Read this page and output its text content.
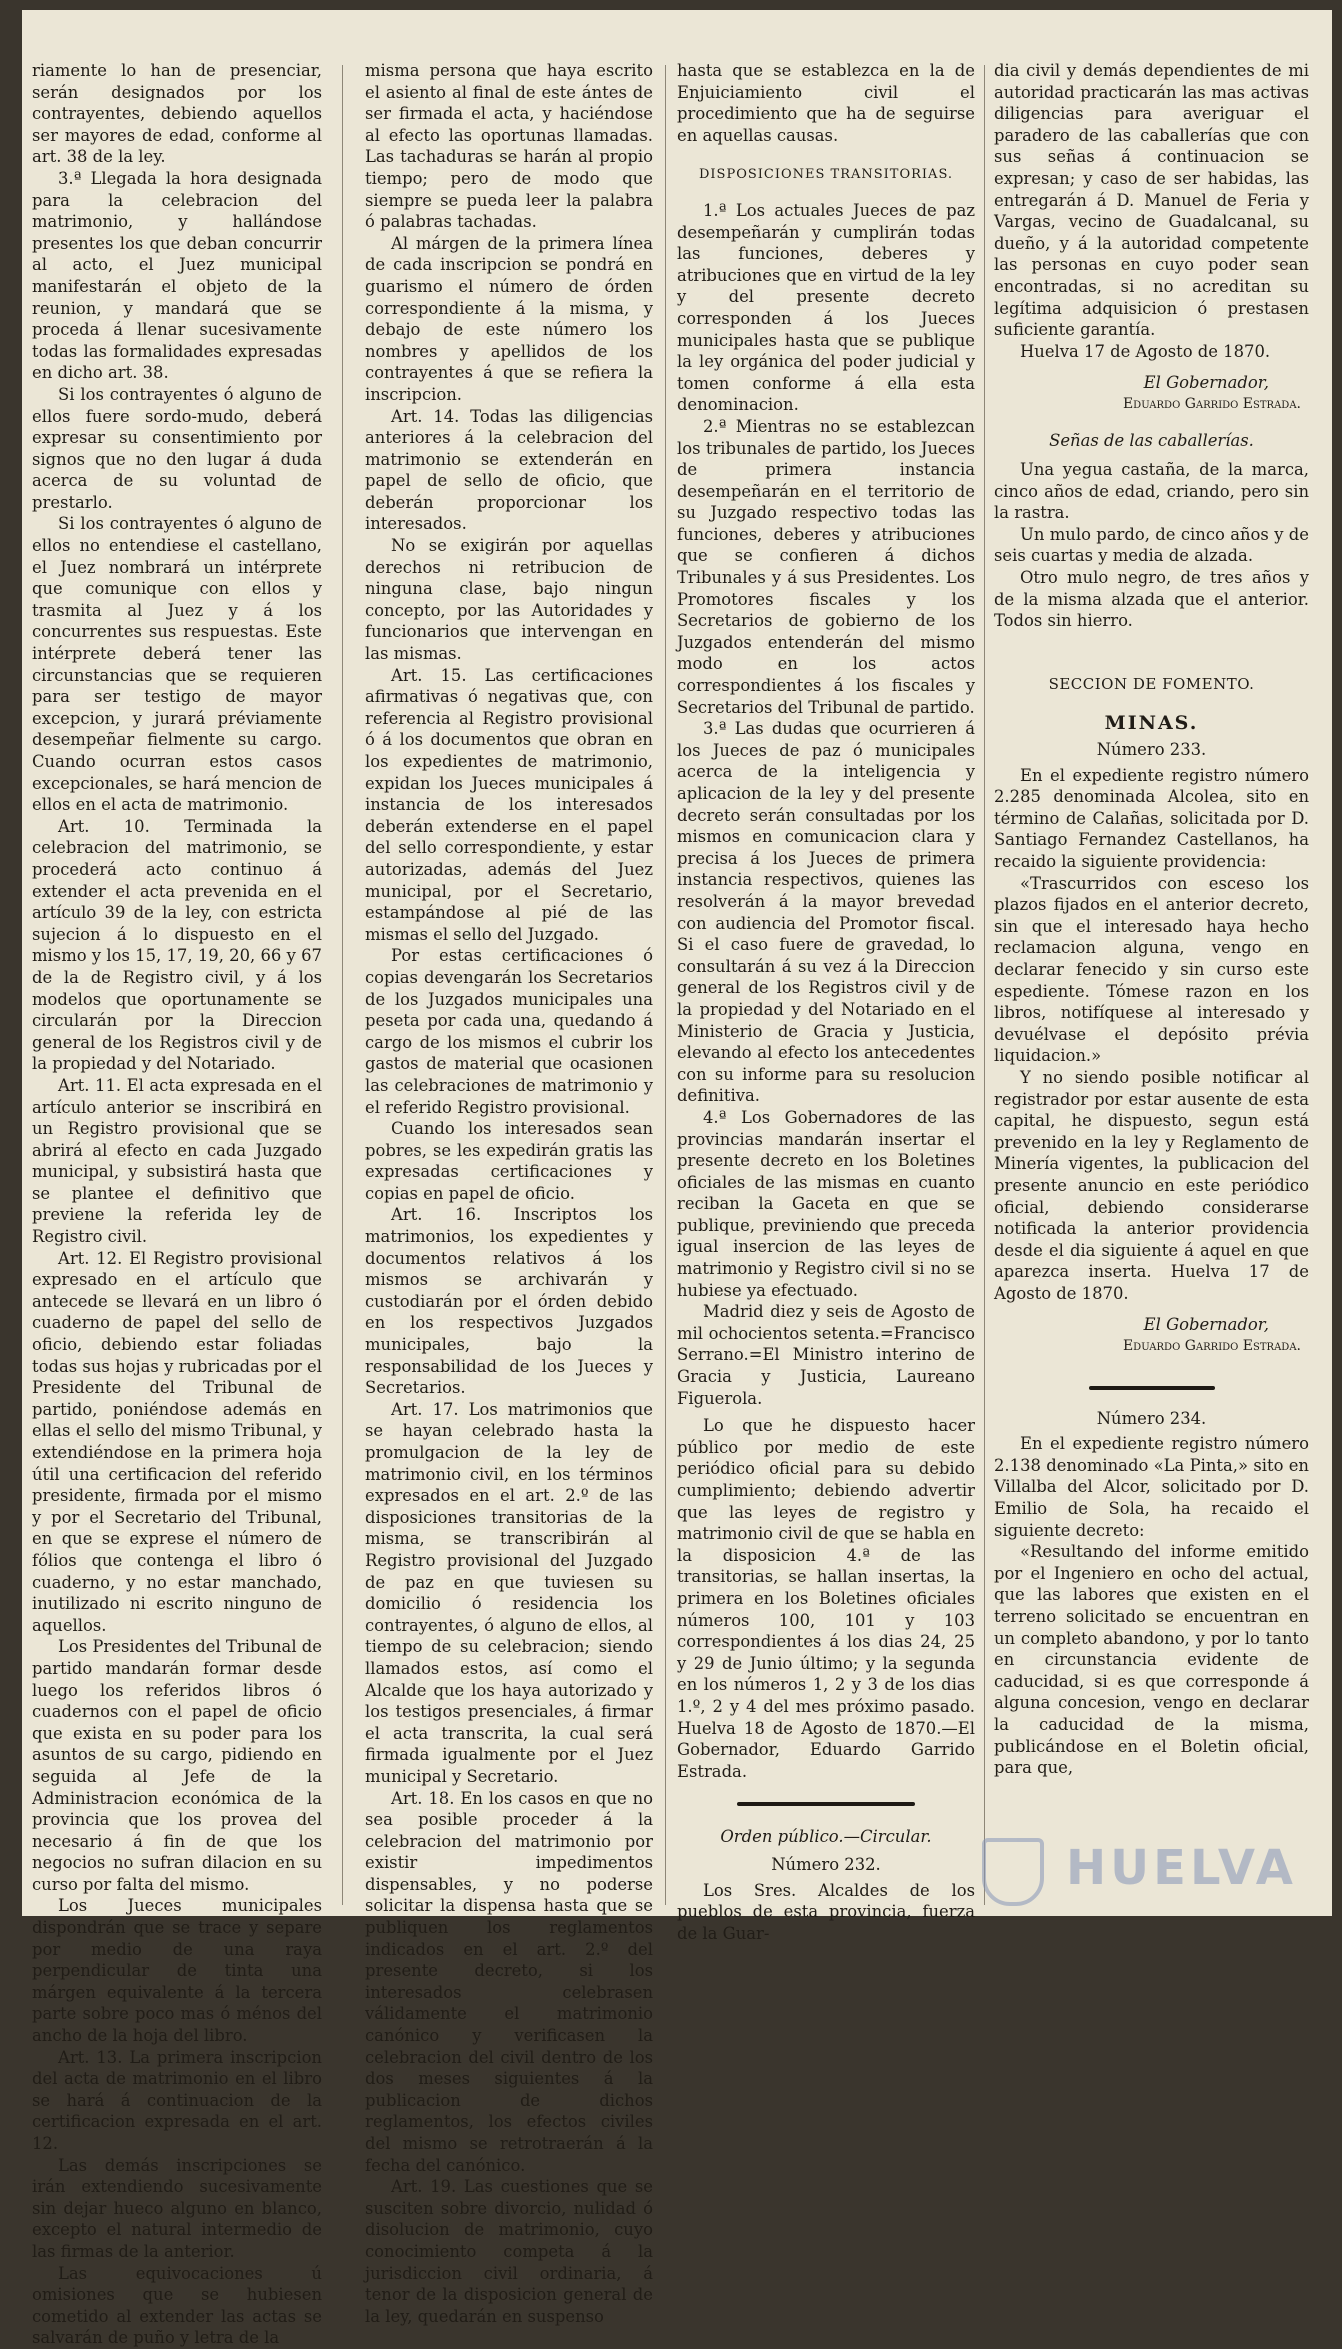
riamente lo han de presenciar, serán designados por los contrayentes, debiendo aquellos ser mayores de edad, conforme al art. 38 de la ley.

3.ª Llegada la hora designada para la celebracion del matrimonio, y hallándose presentes los que deban concurrir al acto, el Juez municipal manifestarán el objeto de la reunion, y mandará que se proceda á llenar sucesivamente todas las formalidades expresadas en dicho art. 38.

Si los contrayentes ó alguno de ellos fuere sordo-mudo, deberá expresar su consentimiento por signos que no den lugar á duda acerca de su voluntad de prestarlo.

Si los contrayentes ó alguno de ellos no entendiese el castellano, el Juez nombrará un intérprete que comunique con ellos y trasmita al Juez y á los concurrentes sus respuestas. Este intérprete deberá tener las circunstancias que se requieren para ser testigo de mayor excepcion, y jurará préviamente desempeñar fielmente su cargo. Cuando ocurran estos casos excepcionales, se hará mencion de ellos en el acta de matrimonio.

Art. 10. Terminada la celebracion del matrimonio, se procederá acto continuo á extender el acta prevenida en el artículo 39 de la ley, con estricta sujecion á lo dispuesto en el mismo y los 15, 17, 19, 20, 66 y 67 de la de Registro civil, y á los modelos que oportunamente se circularán por la Direccion general de los Registros civil y de la propiedad y del Notariado.

Art. 11. El acta expresada en el artículo anterior se inscribirá en un Registro provisional que se abrirá al efecto en cada Juzgado municipal, y subsistirá hasta que se plantee el definitivo que previene la referida ley de Registro civil.

Art. 12. El Registro provisional expresado en el artículo que antecede se llevará en un libro ó cuaderno de papel del sello de oficio, debiendo estar foliadas todas sus hojas y rubricadas por el Presidente del Tribunal de partido, poniéndose además en ellas el sello del mismo Tribunal, y extendiéndose en la primera hoja útil una certificacion del referido presidente, firmada por el mismo y por el Secretario del Tribunal, en que se exprese el número de fólios que contenga el libro ó cuaderno, y no estar manchado, inutilizado ni escrito ninguno de aquellos.

Los Presidentes del Tribunal de partido mandarán formar desde luego los referidos libros ó cuadernos con el papel de oficio que exista en su poder para los asuntos de su cargo, pidiendo en seguida al Jefe de la Administracion económica de la provincia que los provea del necesario á fin de que los negocios no sufran dilacion en su curso por falta del mismo.

Los Jueces municipales dispondrán que se trace y separe por medio de una raya perpendicular de tinta una márgen equivalente á la tercera parte sobre poco mas ó ménos del ancho de la hoja del libro.

Art. 13. La primera inscripcion del acta de matrimonio en el libro se hará á continuacion de la certificacion expresada en el art. 12.

Las demás inscripciones se irán extendiendo sucesivamente sin dejar hueco alguno en blanco, excepto el natural intermedio de las firmas de la anterior.

Las equivocaciones ú omisiones que se hubiesen cometido al extender las actas se salvarán de puño y letra de la

misma persona que haya escrito el asiento al final de este ántes de ser firmada el acta, y haciéndose al efecto las oportunas llamadas. Las tachaduras se harán al propio tiempo; pero de modo que siempre se pueda leer la palabra ó palabras tachadas.

Al márgen de la primera línea de cada inscripcion se pondrá en guarismo el número de órden correspondiente á la misma, y debajo de este número los nombres y apellidos de los contrayentes á que se refiera la inscripcion.

Art. 14. Todas las diligencias anteriores á la celebracion del matrimonio se extenderán en papel de sello de oficio, que deberán proporcionar los interesados.

No se exigirán por aquellas derechos ni retribucion de ninguna clase, bajo ningun concepto, por las Autoridades y funcionarios que intervengan en las mismas.

Art. 15. Las certificaciones afirmativas ó negativas que, con referencia al Registro provisional ó á los documentos que obran en los expedientes de matrimonio, expidan los Jueces municipales á instancia de los interesados deberán extenderse en el papel del sello correspondiente, y estar autorizadas, además del Juez municipal, por el Secretario, estampándose al pié de las mismas el sello del Juzgado.

Por estas certificaciones ó copias devengarán los Secretarios de los Juzgados municipales una peseta por cada una, quedando á cargo de los mismos el cubrir los gastos de material que ocasionen las celebraciones de matrimonio y el referido Registro provisional.

Cuando los interesados sean pobres, se les expedirán gratis las expresadas certificaciones y copias en papel de oficio.

Art. 16. Inscriptos los matrimonios, los expedientes y documentos relativos á los mismos se archivarán y custodiarán por el órden debido en los respectivos Juzgados municipales, bajo la responsabilidad de los Jueces y Secretarios.

Art. 17. Los matrimonios que se hayan celebrado hasta la promulgacion de la ley de matrimonio civil, en los términos expresados en el art. 2.º de las disposiciones transitorias de la misma, se transcribirán al Registro provisional del Juzgado de paz en que tuviesen su domicilio ó residencia los contrayentes, ó alguno de ellos, al tiempo de su celebracion; siendo llamados estos, así como el Alcalde que los haya autorizado y los testigos presenciales, á firmar el acta transcrita, la cual será firmada igualmente por el Juez municipal y Secretario.

Art. 18. En los casos en que no sea posible proceder á la celebracion del matrimonio por existir impedimentos dispensables, y no poderse solicitar la dispensa hasta que se publiquen los reglamentos indicados en el art. 2.º del presente decreto, si los interesados celebrasen válidamente el matrimonio canónico y verificasen la celebracion del civil dentro de los dos meses siguientes á la publicacion de dichos reglamentos, los efectos civiles del mismo se retrotraerán á la fecha del canónico.

Art. 19. Las cuestiones que se susciten sobre divorcio, nulidad ó disolucion de matrimonio, cuyo conocimiento competa á la jurisdiccion civil ordinaria, á tenor de la disposicion general de la ley, quedarán en suspenso

hasta que se establezca en la de Enjuiciamiento civil el procedimiento que ha de seguirse en aquellas causas.

DISPOSICIONES TRANSITORIAS.

1.ª Los actuales Jueces de paz desempeñarán y cumplirán todas las funciones, deberes y atribuciones que en virtud de la ley y del presente decreto corresponden á los Jueces municipales hasta que se publique la ley orgánica del poder judicial y tomen conforme á ella esta denominacion.

2.ª Mientras no se establezcan los tribunales de partido, los Jueces de primera instancia desempeñarán en el territorio de su Juzgado respectivo todas las funciones, deberes y atribuciones que se confieren á dichos Tribunales y á sus Presidentes. Los Promotores fiscales y los Secretarios de gobierno de los Juzgados entenderán del mismo modo en los actos correspondientes á los fiscales y Secretarios del Tribunal de partido.

3.ª Las dudas que ocurrieren á los Jueces de paz ó municipales acerca de la inteligencia y aplicacion de la ley y del presente decreto serán consultadas por los mismos en comunicacion clara y precisa á los Jueces de primera instancia respectivos, quienes las resolverán á la mayor brevedad con audiencia del Promotor fiscal. Si el caso fuere de gravedad, lo consultarán á su vez á la Direccion general de los Registros civil y de la propiedad y del Notariado en el Ministerio de Gracia y Justicia, elevando al efecto los antecedentes con su informe para su resolucion definitiva.

4.ª Los Gobernadores de las provincias mandarán insertar el presente decreto en los Boletines oficiales de las mismas en cuanto reciban la Gaceta en que se publique, previniendo que preceda igual insercion de las leyes de matrimonio y Registro civil si no se hubiese ya efectuado.

Madrid diez y seis de Agosto de mil ochocientos setenta.=Francisco Serrano.=El Ministro interino de Gracia y Justicia, Laureano Figuerola.

Lo que he dispuesto hacer público por medio de este periódico oficial para su debido cumplimiento; debiendo advertir que las leyes de registro y matrimonio civil de que se habla en la disposicion 4.ª de las transitorias, se hallan insertas, la primera en los Boletines oficiales números 100, 101 y 103 correspondientes á los dias 24, 25 y 29 de Junio último; y la segunda en los números 1, 2 y 3 de los dias 1.º, 2 y 4 del mes próximo pasado. Huelva 18 de Agosto de 1870.—El Gobernador, Eduardo Garrido Estrada.

Orden público.—Circular.

Número 232.

Los Sres. Alcaldes de los pueblos de esta provincia, fuerza de la Guar-

dia civil y demás dependientes de mi autoridad practicarán las mas activas diligencias para averiguar el paradero de las caballerías que con sus señas á continuacion se expresan; y caso de ser habidas, las entregarán á D. Manuel de Feria y Vargas, vecino de Guadalcanal, su dueño, y á la autoridad competente las personas en cuyo poder sean encontradas, si no acreditan su legítima adquisicion ó prestasen suficiente garantía.

Huelva 17 de Agosto de 1870.

El Gobernador,

Eduardo Garrido Estrada.

Señas de las caballerías.

Una yegua castaña, de la marca, cinco años de edad, criando, pero sin la rastra.

Un mulo pardo, de cinco años y de seis cuartas y media de alzada.

Otro mulo negro, de tres años y de la misma alzada que el anterior. Todos sin hierro.

SECCION DE FOMENTO.

MINAS.

Número 233.

En el expediente registro número 2.285 denominada Alcolea, sito en término de Calañas, solicitada por D. Santiago Fernandez Castellanos, ha recaido la siguiente providencia:

«Trascurridos con esceso los plazos fijados en el anterior decreto, sin que el interesado haya hecho reclamacion alguna, vengo en declarar fenecido y sin curso este espediente. Tómese razon en los libros, notifíquese al interesado y devuélvase el depósito prévia liquidacion.»

Y no siendo posible notificar al registrador por estar ausente de esta capital, he dispuesto, segun está prevenido en la ley y Reglamento de Minería vigentes, la publicacion del presente anuncio en este periódico oficial, debiendo considerarse notificada la anterior providencia desde el dia siguiente á aquel en que aparezca inserta. Huelva 17 de Agosto de 1870.

El Gobernador,

Eduardo Garrido Estrada.

Número 234.

En el expediente registro número 2.138 denominado «La Pinta,» sito en Villalba del Alcor, solicitado por D. Emilio de Sola, ha recaido el siguiente decreto:

«Resultando del informe emitido por el Ingeniero en ocho del actual, que las labores que existen en el terreno solicitado se encuentran en un completo abandono, y por lo tanto en circunstancia evidente de caducidad, si es que corresponde á alguna concesion, vengo en declarar la caducidad de la misma, publicándose en el Boletin oficial, para que,

HUELVA
